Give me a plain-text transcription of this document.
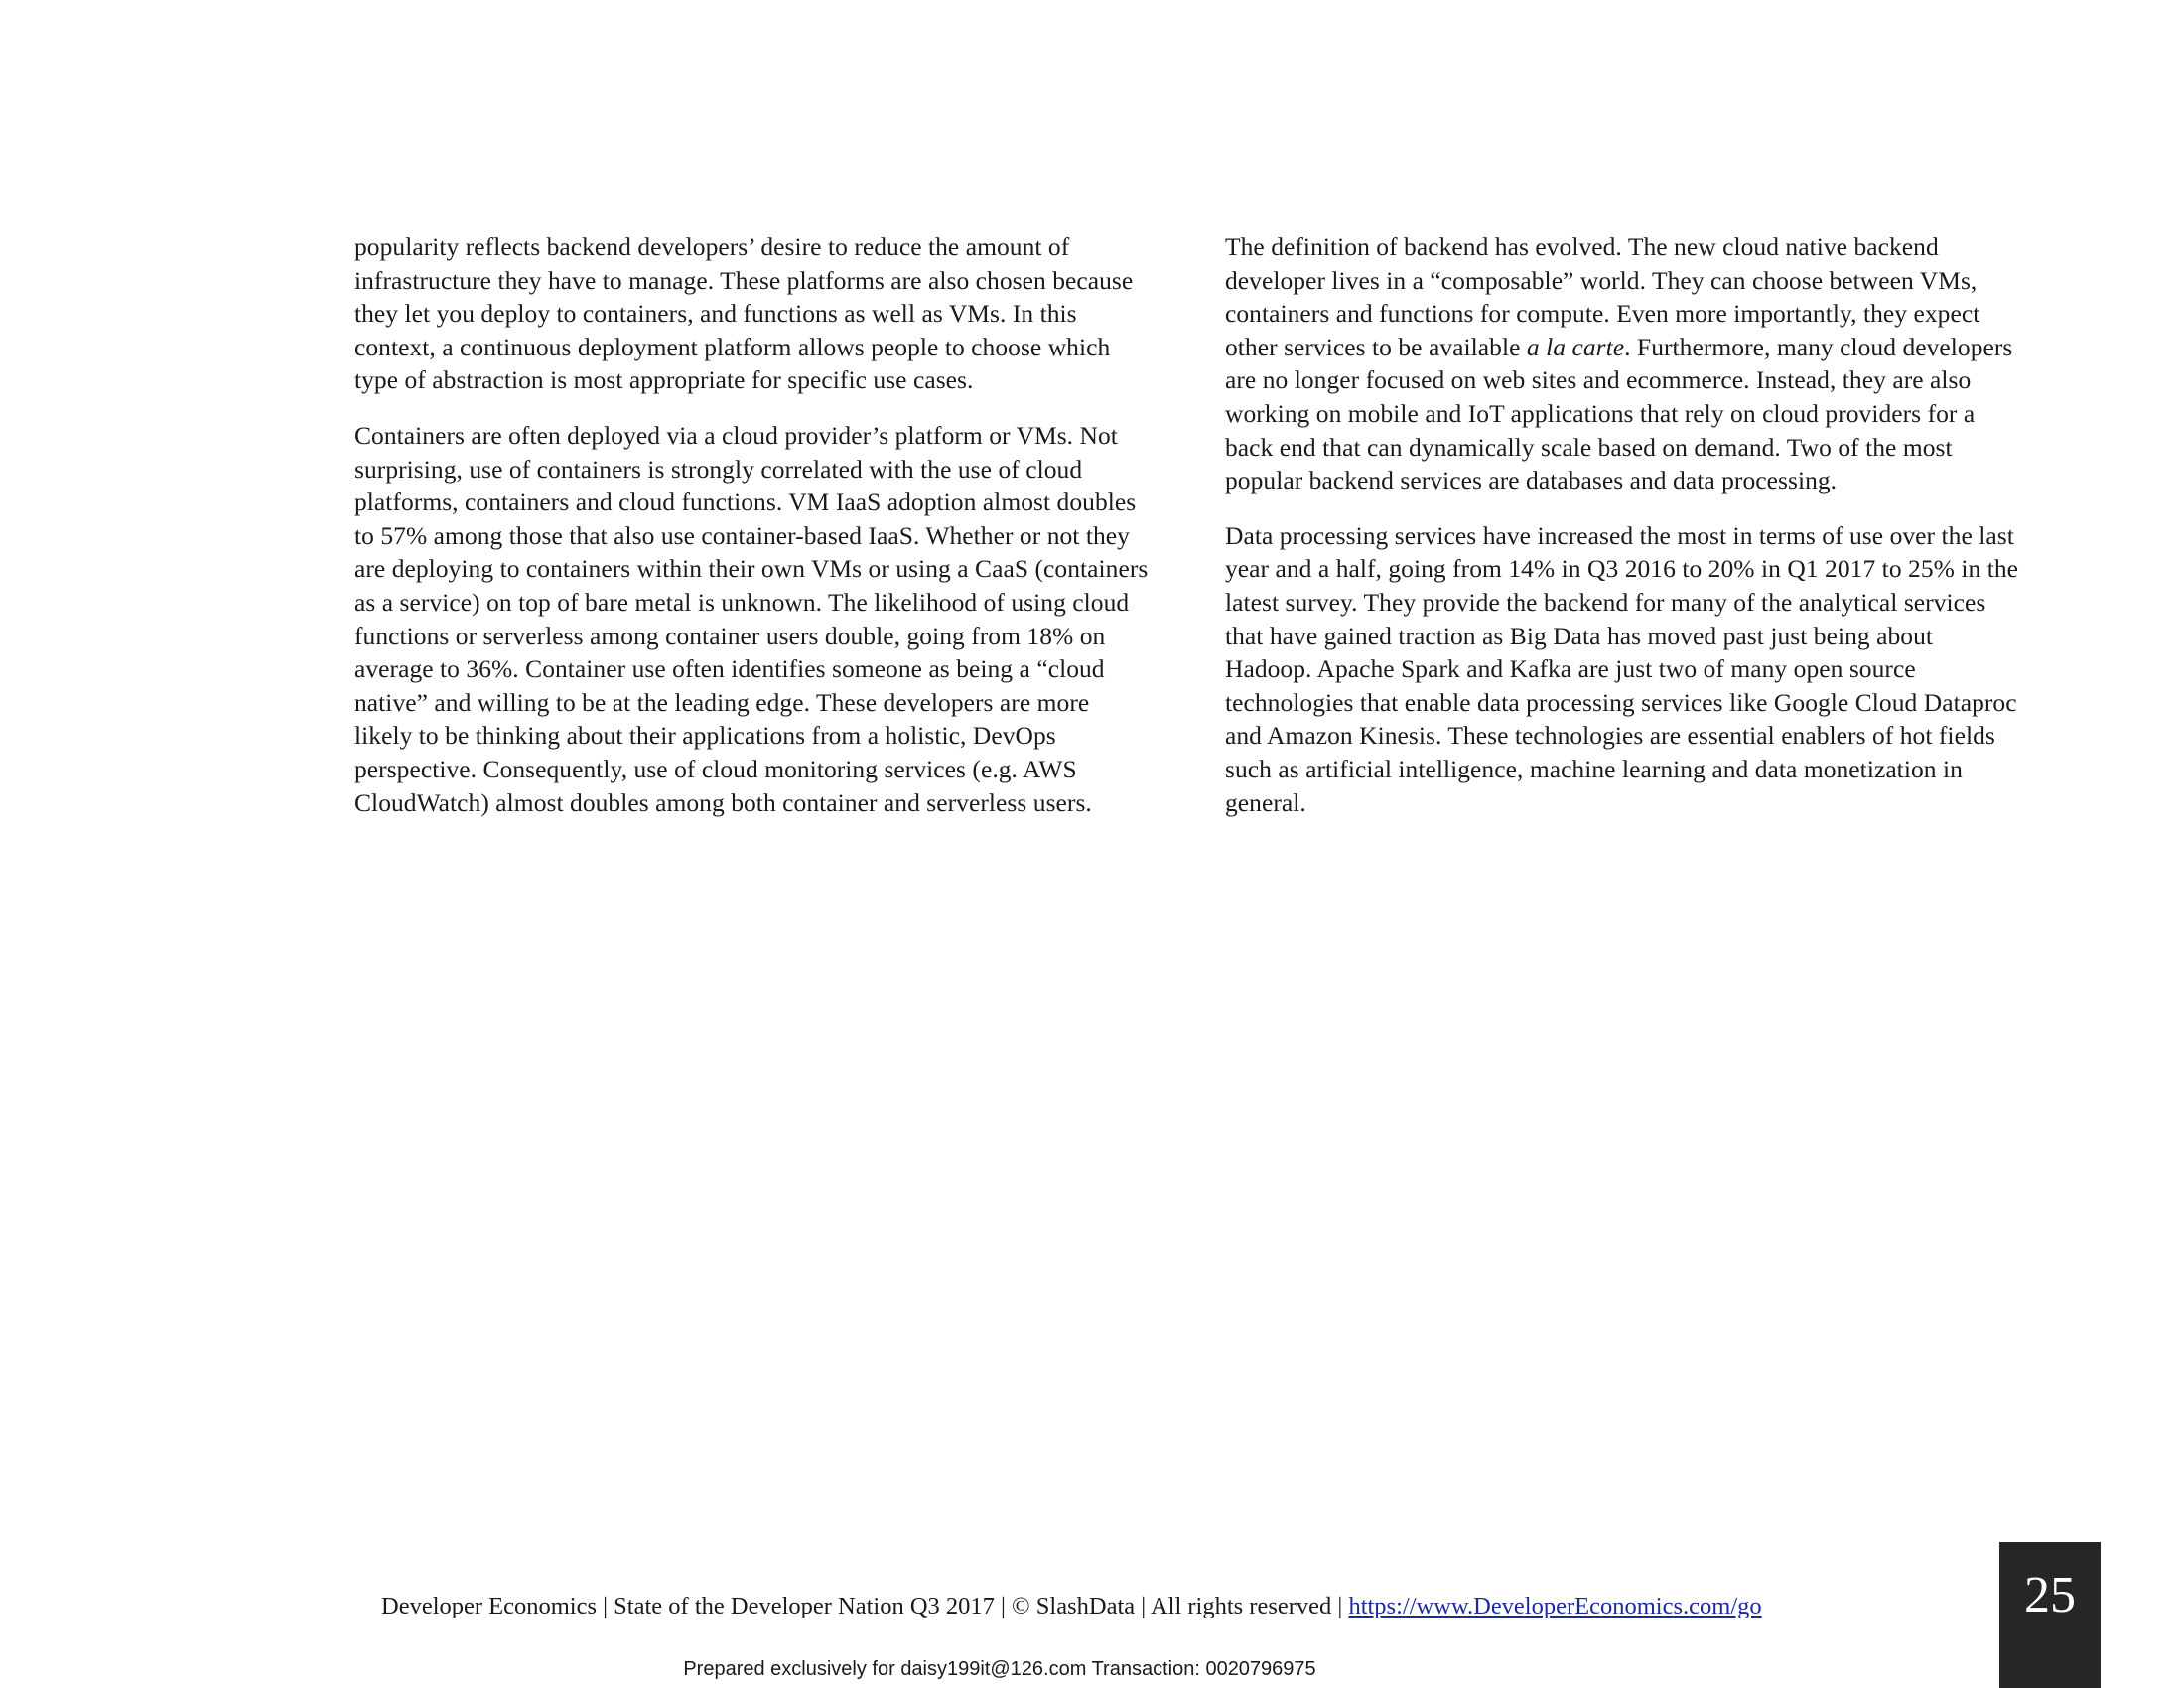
popularity reflects backend developers’ desire to reduce the amount of infrastructure they have to manage. These platforms are also chosen because they let you deploy to containers, and functions as well as VMs. In this context, a continuous deployment platform allows people to choose which type of abstraction is most appropriate for specific use cases.

Containers are often deployed via a cloud provider’s platform or VMs. Not surprising, use of containers is strongly correlated with the use of cloud platforms, containers and cloud functions. VM IaaS adoption almost doubles to 57% among those that also use container-based IaaS. Whether or not they are deploying to containers within their own VMs or using a CaaS (containers as a service) on top of bare metal is unknown. The likelihood of using cloud functions or serverless among container users double, going from 18% on average to 36%. Container use often identifies someone as being a “cloud native” and willing to be at the leading edge. These developers are more likely to be thinking about their applications from a holistic, DevOps perspective. Consequently, use of cloud monitoring services (e.g. AWS CloudWatch) almost doubles among both container and serverless users.

The definition of backend has evolved. The new cloud native backend developer lives in a “composable” world. They can choose between VMs, containers and functions for compute. Even more importantly, they expect other services to be available a la carte. Furthermore, many cloud developers are no longer focused on web sites and ecommerce. Instead, they are also working on mobile and IoT applications that rely on cloud providers for a back end that can dynamically scale based on demand. Two of the most popular backend services are databases and data processing.

Data processing services have increased the most in terms of use over the last year and a half, going from 14% in Q3 2016 to 20% in Q1 2017 to 25% in the latest survey. They provide the backend for many of the analytical services that have gained traction as Big Data has moved past just being about Hadoop. Apache Spark and Kafka are just two of many open source technologies that enable data processing services like Google Cloud Dataproc and Amazon Kinesis. These technologies are essential enablers of hot fields such as artificial intelligence, machine learning and data monetization in general.

Developer Economics | State of the Developer Nation Q3 2017 | © SlashData | All rights reserved | https://www.DeveloperEconomics.com/go	25
Prepared exclusively for daisy199it@126.com Transaction: 0020796975
